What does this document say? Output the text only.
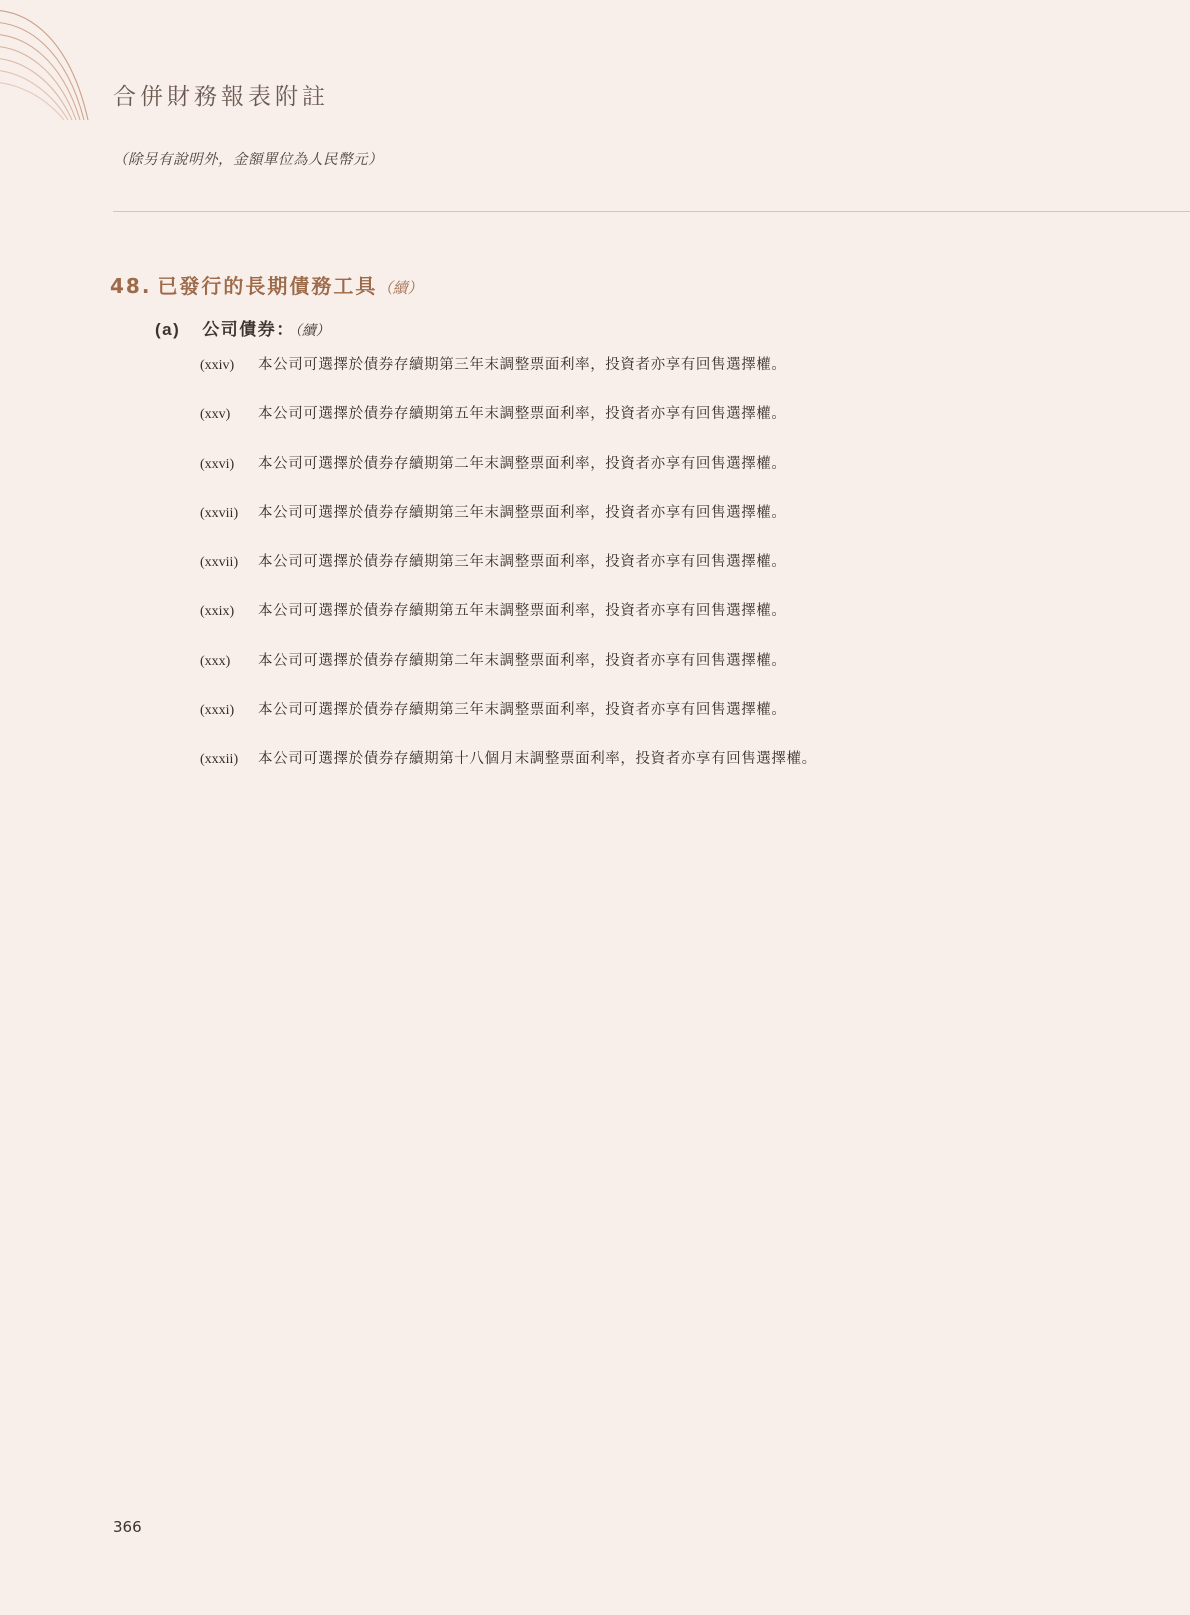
合併財務報表附註
（除另有說明外，金額單位為人民幣元）
48. 已發行的長期債務工具（續）
(a) 公司債券：（續）
(xxiv)	本公司可選擇於債券存續期第三年末調整票面利率，投資者亦享有回售選擇權。
(xxv)	本公司可選擇於債券存續期第五年末調整票面利率，投資者亦享有回售選擇權。
(xxvi)	本公司可選擇於債券存續期第二年末調整票面利率，投資者亦享有回售選擇權。
(xxvii)	本公司可選擇於債券存續期第三年末調整票面利率，投資者亦享有回售選擇權。
(xxvii)	本公司可選擇於債券存續期第三年末調整票面利率，投資者亦享有回售選擇權。
(xxix)	本公司可選擇於債券存續期第五年末調整票面利率，投資者亦享有回售選擇權。
(xxx)	本公司可選擇於債券存續期第二年末調整票面利率，投資者亦享有回售選擇權。
(xxxi)	本公司可選擇於債券存續期第三年末調整票面利率，投資者亦享有回售選擇權。
(xxxii)	本公司可選擇於債券存續期第十八個月末調整票面利率，投資者亦享有回售選擇權。
366
